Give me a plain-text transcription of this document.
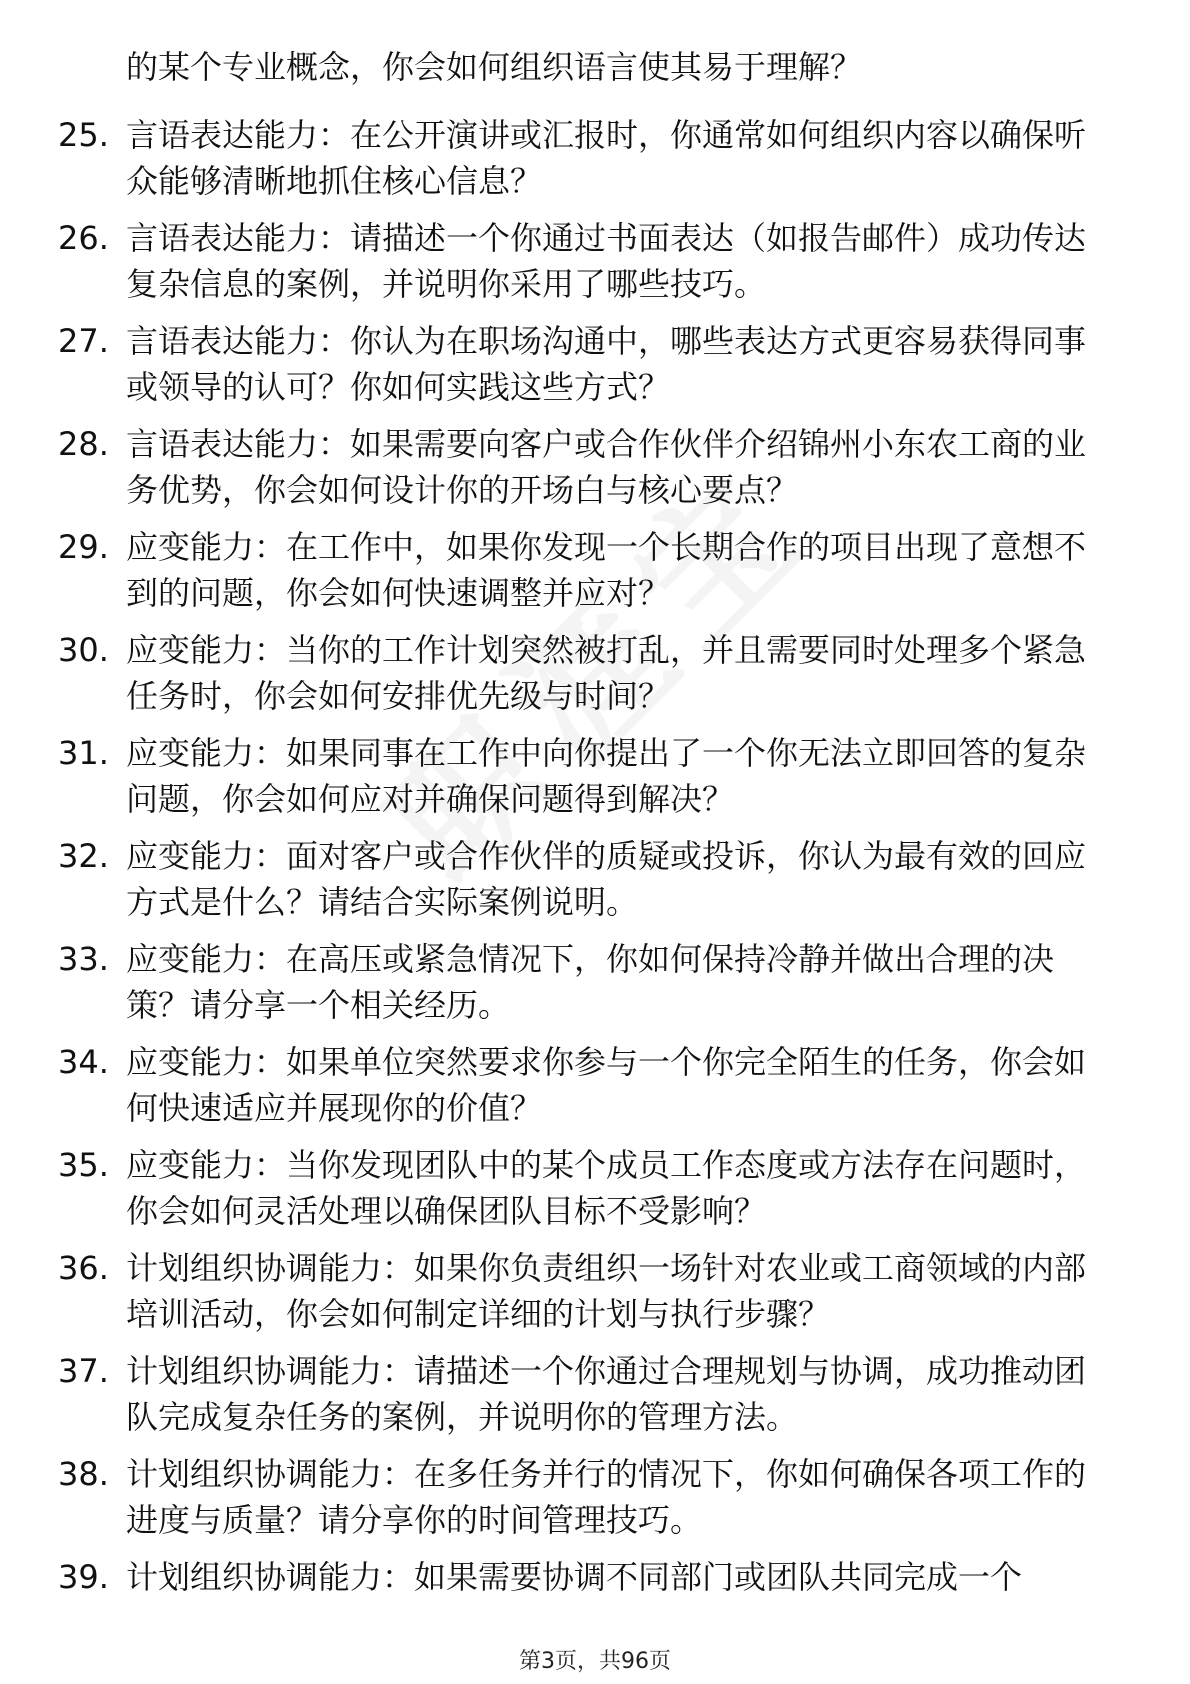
的某个专业概念，你会如何组织语言使其易于理解？
25. 言语表达能力：在公开演讲或汇报时，你通常如何组织内容以确保听众能够清晰地抓住核心信息？
26. 言语表达能力：请描述一个你通过书面表达（如报告邮件）成功传达复杂信息的案例，并说明你采用了哪些技巧。
27. 言语表达能力：你认为在职场沟通中，哪些表达方式更容易获得同事或领导的认可？你如何实践这些方式？
28. 言语表达能力：如果需要向客户或合作伙伴介绍锦州小东农工商的业务优势，你会如何设计你的开场白与核心要点？
29. 应变能力：在工作中，如果你发现一个长期合作的项目出现了意想不到的问题，你会如何快速调整并应对？
30. 应变能力：当你的工作计划突然被打乱，并且需要同时处理多个紧急任务时，你会如何安排优先级与时间？
31. 应变能力：如果同事在工作中向你提出了一个你无法立即回答的复杂问题，你会如何应对并确保问题得到解决？
32. 应变能力：面对客户或合作伙伴的质疑或投诉，你认为最有效的回应方式是什么？请结合实际案例说明。
33. 应变能力：在高压或紧急情况下，你如何保持冷静并做出合理的决策？请分享一个相关经历。
34. 应变能力：如果单位突然要求你参与一个你完全陌生的任务，你会如何快速适应并展现你的价值？
35. 应变能力：当你发现团队中的某个成员工作态度或方法存在问题时，你会如何灵活处理以确保团队目标不受影响？
36. 计划组织协调能力：如果你负责组织一场针对农业或工商领域的内部培训活动，你会如何制定详细的计划与执行步骤？
37. 计划组织协调能力：请描述一个你通过合理规划与协调，成功推动团队完成复杂任务的案例，并说明你的管理方法。
38. 计划组织协调能力：在多任务并行的情况下，你如何确保各项工作的进度与质量？请分享你的时间管理技巧。
39. 计划组织协调能力：如果需要协调不同部门或团队共同完成一个
第3页，共96页
